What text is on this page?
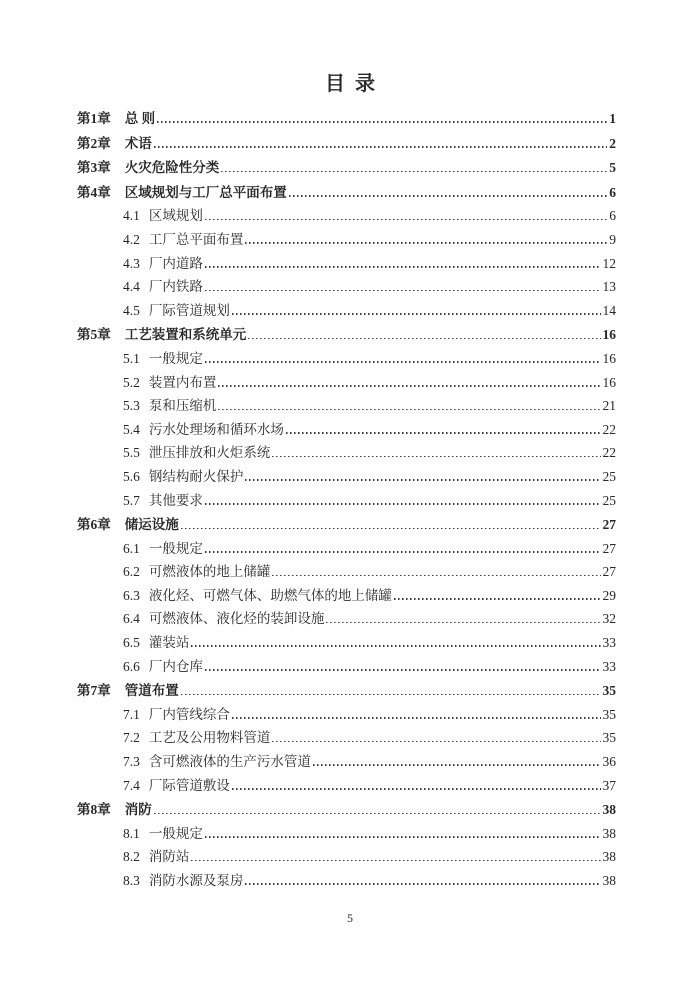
目  录
第1章 总 则	1
第2章 术语	2
第3章 火灾危险性分类	5
第4章 区域规划与工厂总平面布置	6
4.1 区域规划	6
4.2 工厂总平面布置	9
4.3 厂内道路	12
4.4 厂内铁路	13
4.5 厂际管道规划	14
第5章 工艺装置和系统单元	16
5.1 一般规定	16
5.2 装置内布置	16
5.3 泵和压缩机	21
5.4 污水处理场和循环水场	22
5.5 泄压排放和火炬系统	22
5.6 钢结构耐火保护	25
5.7 其他要求	25
第6章 储运设施	27
6.1 一般规定	27
6.2 可燃液体的地上储罐	27
6.3 液化烃、可燃气体、助燃气体的地上储罐	29
6.4 可燃液体、液化烃的装卸设施	32
6.5 灌装站	33
6.6 厂内仓库	33
第7章 管道布置	35
7.1 厂内管线综合	35
7.2 工艺及公用物料管道	35
7.3 含可燃液体的生产污水管道	36
7.4 厂际管道敷设	37
第8章 消防	38
8.1 一般规定	38
8.2 消防站	38
8.3 消防水源及泵房	38
5
